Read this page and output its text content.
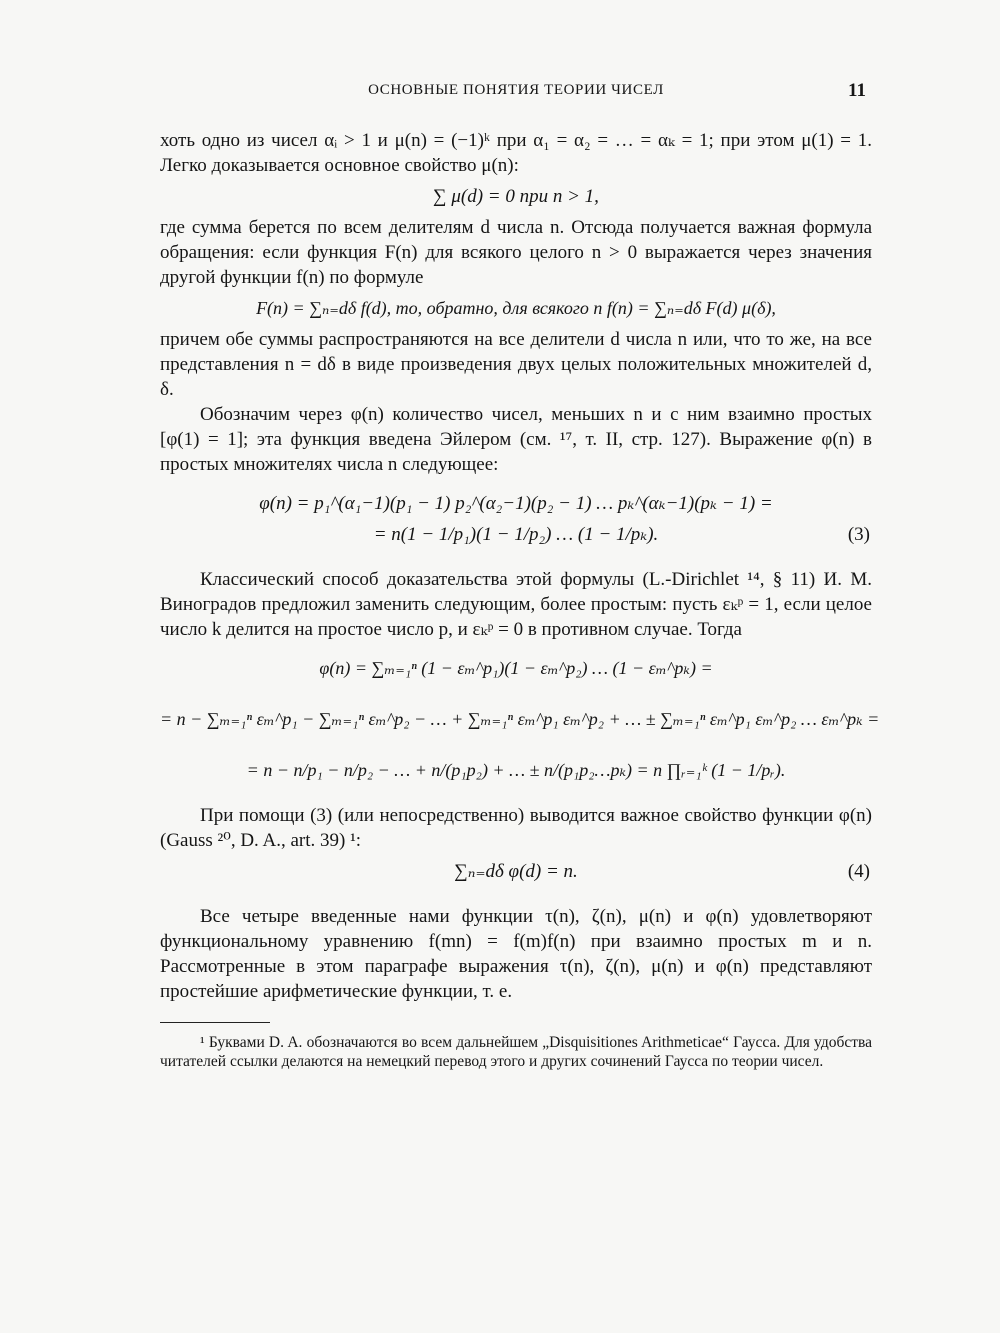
ОСНОВНЫЕ ПОНЯТИЯ ТЕОРИИ ЧИСЕЛ	11

хоть одно из чисел αᵢ > 1 и μ(n) = (−1)ᵏ при α₁ = α₂ = … = αₖ = 1; при этом μ(1) = 1. Легко доказывается основное свойство μ(n):

∑ μ(d) = 0 при n > 1,

где сумма берется по всем делителям d числа n. Отсюда получается важная формула обращения: если функция F(n) для всякого целого n > 0 выражается через значения другой функции f(n) по формуле

F(n) = ∑ₙ₌dδ f(d), то, обратно, для всякого n f(n) = ∑ₙ₌dδ F(d) μ(δ),

причем обе суммы распространяются на все делители d числа n или, что то же, на все представления n = dδ в виде произведения двух целых положительных множителей d, δ.

Обозначим через φ(n) количество чисел, меньших n и с ним взаимно простых [φ(1) = 1]; эта функция введена Эйлером (см. ¹⁷, т. II, стр. 127). Выражение φ(n) в простых множителях числа n следующее:

φ(n) = p₁^(α₁−1)(p₁ − 1) p₂^(α₂−1)(p₂ − 1) … pₖ^(αₖ−1)(pₖ − 1) =
= n(1 − 1/p₁)(1 − 1/p₂) … (1 − 1/pₖ).	(3)

Классический способ доказательства этой формулы (L.-Dirichlet ¹⁴, § 11) И. М. Виноградов предложил заменить следующим, более простым: пусть εₖᵖ = 1, если целое число k делится на простое число p, и εₖᵖ = 0 в противном случае. Тогда

φ(n) = ∑ₘ₌₁ⁿ (1 − εₘ^p₁)(1 − εₘ^p₂) … (1 − εₘ^pₖ) =
= n − ∑ₘ₌₁ⁿ εₘ^p₁ − ∑ₘ₌₁ⁿ εₘ^p₂ − … + ∑ₘ₌₁ⁿ εₘ^p₁ εₘ^p₂ + … ± ∑ₘ₌₁ⁿ εₘ^p₁ εₘ^p₂ … εₘ^pₖ =
= n − n/p₁ − n/p₂ − … + n/(p₁p₂) + … ± n/(p₁p₂…pₖ) = n ∏ᵣ₌₁ᵏ (1 − 1/pᵣ).

При помощи (3) (или непосредственно) выводится важное свойство функции φ(n) (Gauss ²⁰, D. A., art. 39) ¹:

∑ₙ₌dδ φ(d) = n.	(4)

Все четыре введенные нами функции τ(n), ζ(n), μ(n) и φ(n) удовлетворяют функциональному уравнению f(mn) = f(m)f(n) при взаимно простых m и n. Рассмотренные в этом параграфе выражения τ(n), ζ(n), μ(n) и φ(n) представляют простейшие арифметические функции, т. е.

¹ Буквами D. A. обозначаются во всем дальнейшем „Disquisitiones Arithmeticae“ Гаусса. Для удобства читателей ссылки делаются на немецкий перевод этого и других сочинений Гаусса по теории чисел.
